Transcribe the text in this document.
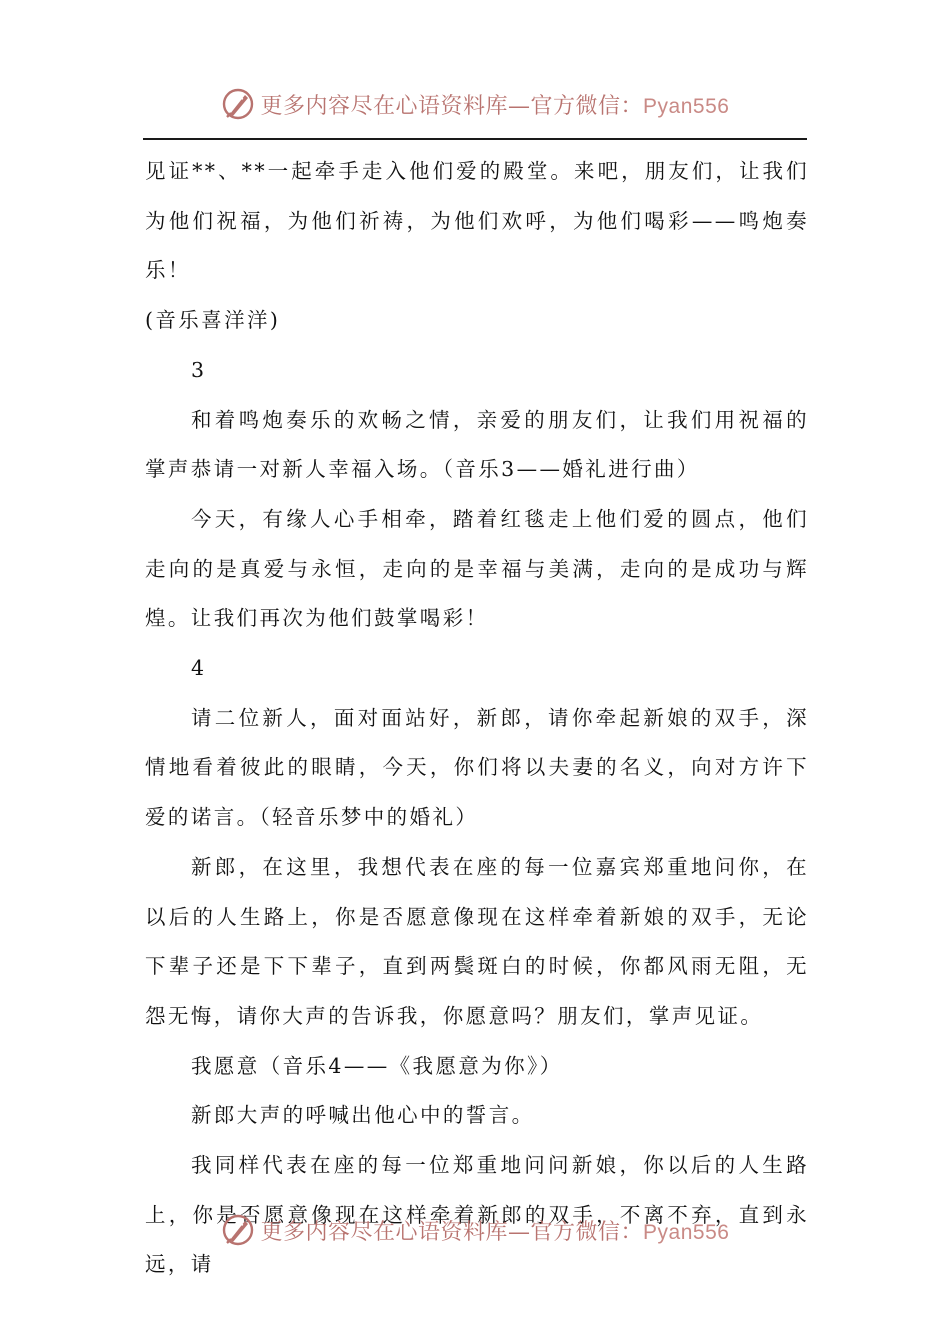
更多内容尽在心语资料库—官方微信：Pyan556

见证**、**一起牵手走入他们爱的殿堂。来吧，朋友们，让我们为他们祝福，为他们祈祷，为他们欢呼，为他们喝彩——鸣炮奏乐！

(音乐喜洋洋)

3

和着鸣炮奏乐的欢畅之情，亲爱的朋友们，让我们用祝福的掌声恭请一对新人幸福入场。（音乐3——婚礼进行曲）

今天，有缘人心手相牵，踏着红毯走上他们爱的圆点，他们走向的是真爱与永恒，走向的是幸福与美满，走向的是成功与辉煌。让我们再次为他们鼓掌喝彩！

4

请二位新人，面对面站好，新郎，请你牵起新娘的双手，深情地看着彼此的眼睛，今天，你们将以夫妻的名义，向对方许下爱的诺言。（轻音乐梦中的婚礼）

新郎，在这里，我想代表在座的每一位嘉宾郑重地问你，在以后的人生路上，你是否愿意像现在这样牵着新娘的双手，无论下辈子还是下下辈子，直到两鬓斑白的时候，你都风雨无阻，无怨无悔，请你大声的告诉我，你愿意吗？朋友们，掌声见证。

我愿意（音乐4——《我愿意为你》）

新郎大声的呼喊出他心中的誓言。

我同样代表在座的每一位郑重地问问新娘，你以后的人生路上，你是否愿意像现在这样牵着新郎的双手，不离不弃，直到永远，请

更多内容尽在心语资料库—官方微信：Pyan556
